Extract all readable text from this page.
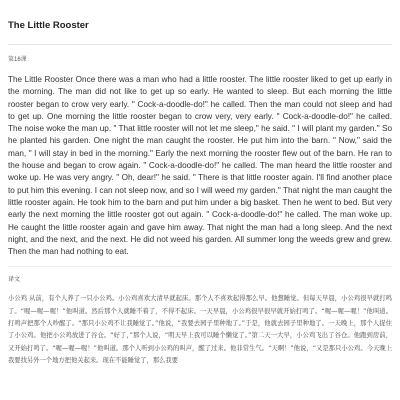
The Little Rooster

第16课

The Little Rooster Once there was a man who had a little rooster. The little rooster liked to get up early in the morning. The man did not like to get up so early. He wanted to sleep. But each morning the little rooster began to crow very early. " Cock-a-doodle-do!" he called. Then the man could not sleep and had to get up. One morning the little rooster began to crow very, very early. " Cock-a-doodle-do!" he called. The noise woke the man up. " That little rooster will not let me sleep," he said. " I will plant my garden." So he planted his garden. One night the man caught the rooster. He put him into the barn. " Now," said the man, " I will stay in bed in the morning." Early the next morning the rooster flew out of the barn. He ran to the house and began to crow again. " Cock-a-doodle-do!" he called. The man heard the little rooster and woke up. He was very angry. " Oh, dear!" he said. " There is that little rooster again. I'll find another place to put him this evening. I can not sleep now, and so I will weed my garden." That night the man caught the little rooster again. He took him to the barn and put him under a big basket. Then he went to bed. But very early the next morning the little rooster got out again. " Cock-a-doodle-do!" he called. The man woke up. He caught the little rooster again and gave him away. That night the man had a long sleep. And the next night, and the next, and the next. He did not weed his garden. All summer long the weeds grew and grew. Then the man had nothing to eat.

译文

小公鸡 从前，有个人养了一只小公鸡。小公鸡喜欢大清早就起床。那个人不喜欢起得那么早。他想睡觉。但每天早晨，小公鸡很早就打鸣了。“喔—喔—喔！”他叫道。然后那个人就睡不着了，不得不起床。一天早晨，小公鸡很早很早就开始打鸣了。“喔—喔—喔！”他叫道。打鸣声把那个人吵醒了。“那只小公鸡不让我睡觉了。”他说，“我要去园子里种地了。”于是，他就去园子里种地了。一天晚上，那个人捉住了小公鸡。他把小公鸡放进了谷仓。“好了，”那个人说，“明天早上我可以睡个懒觉了。”第二天一大早，小公鸡飞出了谷仓。他跑到房前，又开始打鸣了。“喔—喔—喔！”他叫道。那个人听到小公鸡的叫声，醒了过来。他非常生气。“天啊！”他说，“又是那只小公鸡。今天晚上我要找另外一个地方把他关起来。现在不能睡觉了，那么我要
